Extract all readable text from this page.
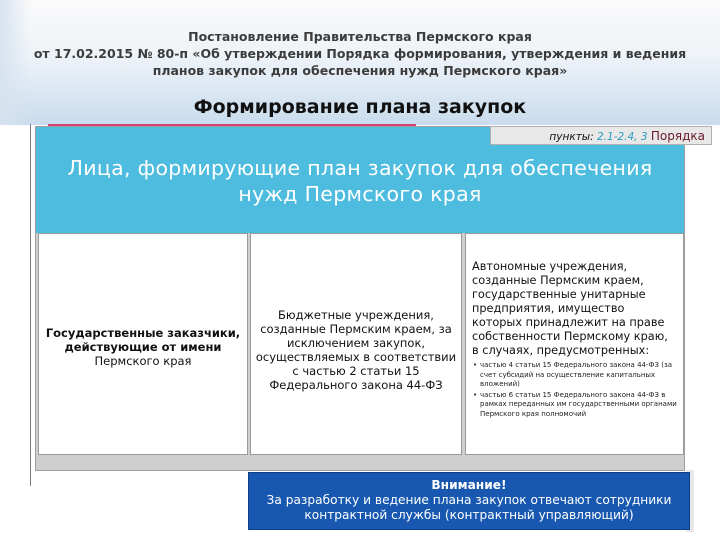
Постановление Правительства Пермского края
от 17.02.2015 № 80-п «Об утверждении Порядка формирования, утверждения и ведения
планов закупок для обеспечения нужд Пермского края»
Формирование плана закупок
Лица, формирующие план закупок для обеспечения нужд Пермского края
пункты: 2.1-2.4, 3 Порядка
Государственные заказчики, действующие от имени Пермского края
Бюджетные учреждения, созданные Пермским краем, за исключением закупок, осуществляемых в соответствии с частью 2 статьи 15 Федерального закона 44-ФЗ
Автономные учреждения, созданные Пермским краем, государственные унитарные предприятия, имущество которых принадлежит на праве собственности Пермскому краю, в случаях, предусмотренных:
• частью 4 статьи 15 Федерального закона 44-ФЗ (за счет субсидий на осуществление капитальных вложений)
• частью 6 статьи 15 Федерального закона 44-ФЗ в рамках переданных им государственными органами Пермского края полномочий
Внимание!
За разработку и ведение плана закупок отвечают сотрудники
контрактной службы (контрактный управляющий)
